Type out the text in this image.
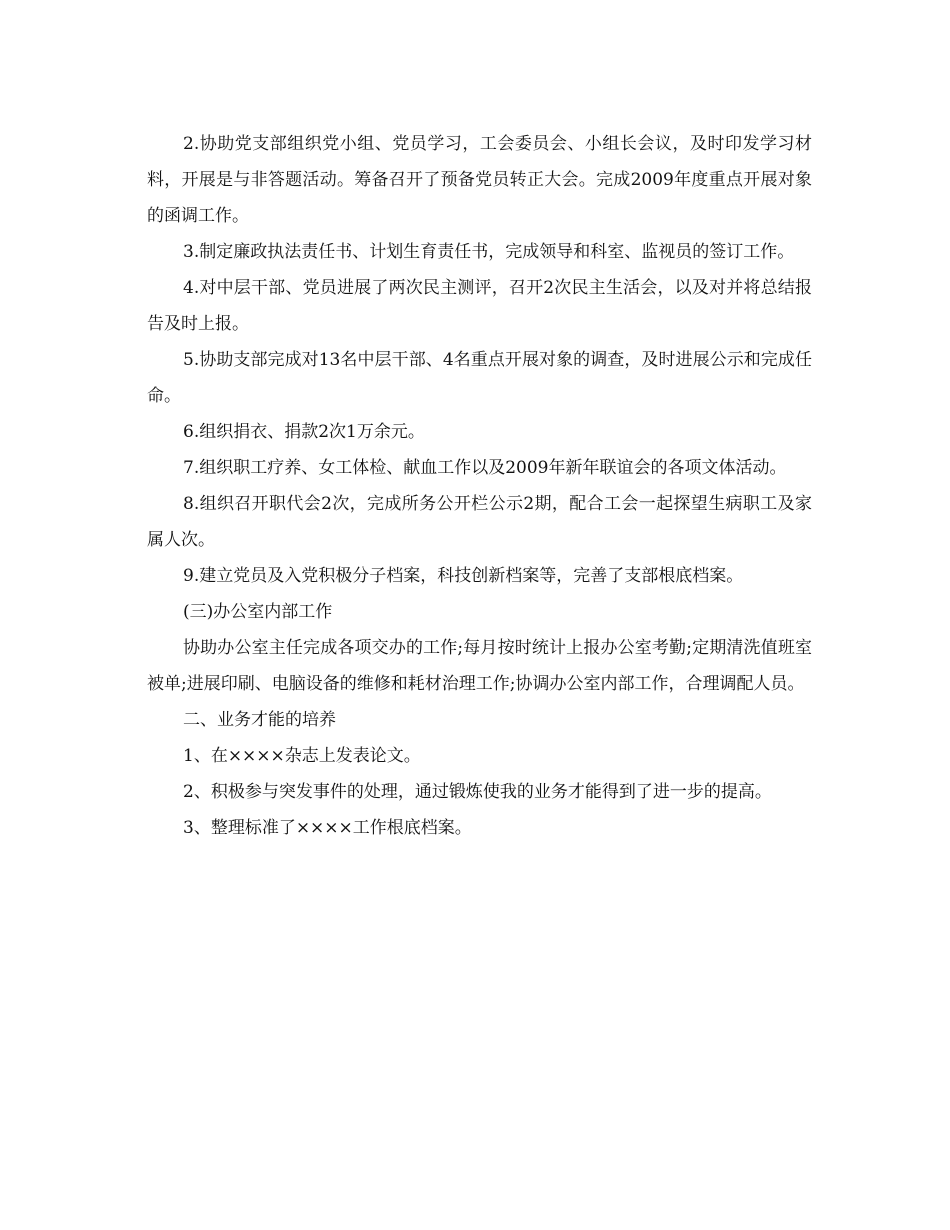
2.协助党支部组织党小组、党员学习，工会委员会、小组长会议，及时印发学习材料，开展是与非答题活动。筹备召开了预备党员转正大会。完成2009年度重点开展对象的函调工作。

3.制定廉政执法责任书、计划生育责任书，完成领导和科室、监视员的签订工作。

4.对中层干部、党员进展了两次民主测评，召开2次民主生活会，以及对并将总结报告及时上报。

5.协助支部完成对13名中层干部、4名重点开展对象的调查，及时进展公示和完成任命。

6.组织捐衣、捐款2次1万余元。

7.组织职工疗养、女工体检、献血工作以及2009年新年联谊会的各项文体活动。

8.组织召开职代会2次，完成所务公开栏公示2期，配合工会一起探望生病职工及家属人次。

9.建立党员及入党积极分子档案，科技创新档案等，完善了支部根底档案。

(三)办公室内部工作

协助办公室主任完成各项交办的工作;每月按时统计上报办公室考勤;定期清洗值班室被单;进展印刷、电脑设备的维修和耗材治理工作;协调办公室内部工作，合理调配人员。

二、业务才能的培养

1、在××××杂志上发表论文。

2、积极参与突发事件的处理，通过锻炼使我的业务才能得到了进一步的提高。

3、整理标准了××××工作根底档案。
